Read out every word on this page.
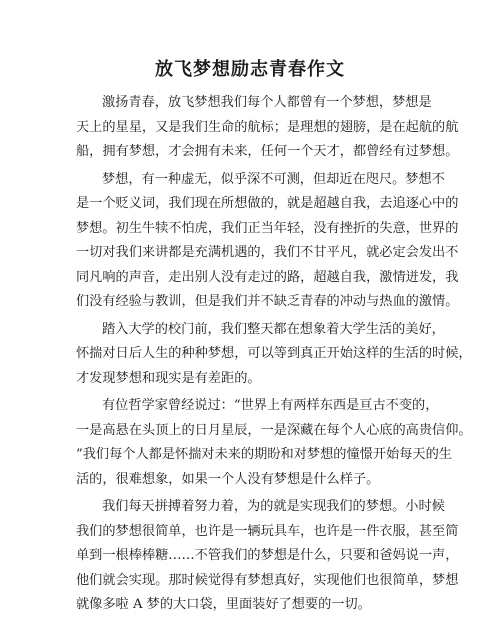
放飞梦想励志青春作文
激扬青春，放飞梦想我们每个人都曾有一个梦想，梦想是
天上的星星，又是我们生命的航标；是理想的翅膀，是在起航的航
船，拥有梦想，才会拥有未来，任何一个天才，都曾经有过梦想。
梦想，有一种虚无，似乎深不可测，但却近在咫尺。梦想不
是一个贬义词，我们现在所想做的，就是超越自我，去追逐心中的
梦想。初生牛犊不怕虎，我们正当年轻，没有挫折的失意，世界的
一切对我们来讲都是充满机遇的，我们不甘平凡，就必定会发出不
同凡响的声音，走出别人没有走过的路，超越自我，激情迸发，我
们没有经验与教训，但是我们并不缺乏青春的冲动与热血的激情。
踏入大学的校门前，我们整天都在想象着大学生活的美好，
怀揣对日后人生的种种梦想，可以等到真正开始这样的生活的时候，
才发现梦想和现实是有差距的。
有位哲学家曾经说过：“世界上有两样东西是亘古不变的，
一是高悬在头顶上的日月星辰，一是深藏在每个人心底的高贵信仰。
”我们每个人都是怀揣对未来的期盼和对梦想的憧憬开始每天的生
活的，很难想象，如果一个人没有梦想是什么样子。
我们每天拼搏着努力着，为的就是实现我们的梦想。小时候
我们的梦想很简单，也许是一辆玩具车，也许是一件衣服，甚至简
单到一根棒棒糖……不管我们的梦想是什么，只要和爸妈说一声，
他们就会实现。那时候觉得有梦想真好，实现他们也很简单，梦想
就像多啦 A 梦的大口袋，里面装好了想要的一切。
